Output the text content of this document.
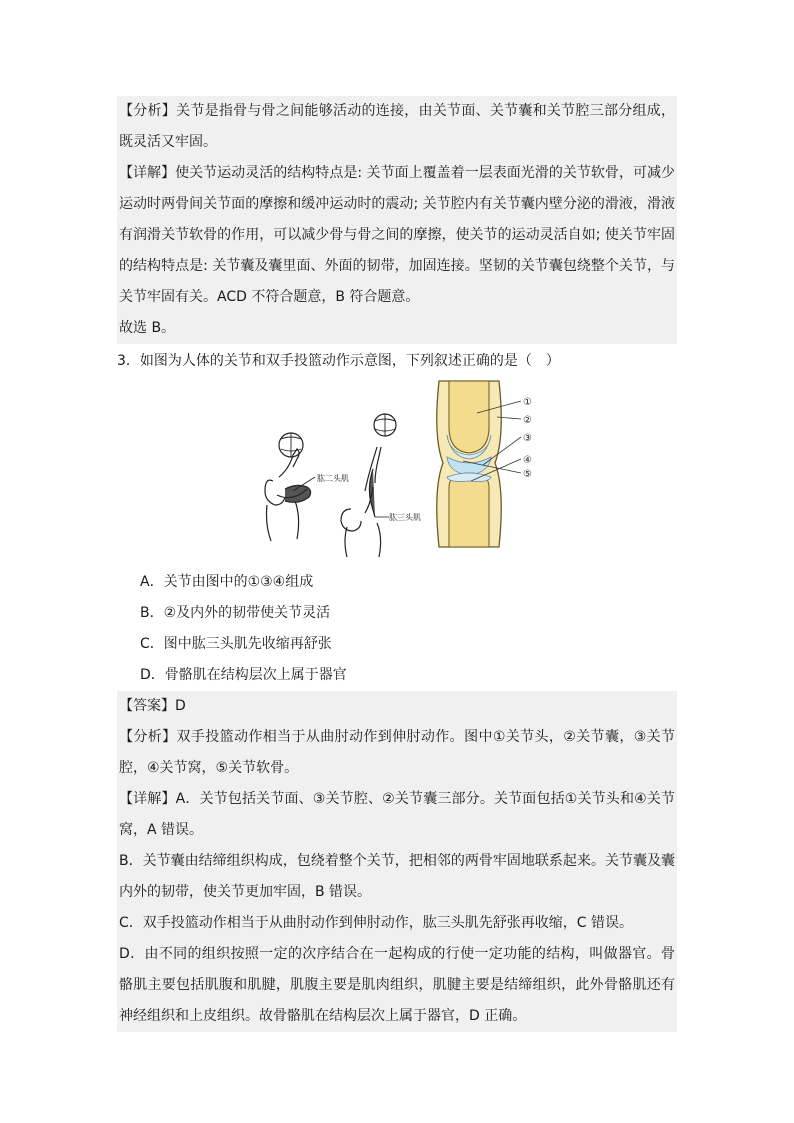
【分析】关节是指骨与骨之间能够活动的连接，由关节面、关节囊和关节腔三部分组成，既灵活又牢固。

【详解】使关节运动灵活的结构特点是: 关节面上覆盖着一层表面光滑的关节软骨，可减少运动时两骨间关节面的摩擦和缓冲运动时的震动; 关节腔内有关节囊内壁分泌的滑液，滑液有润滑关节软骨的作用，可以减少骨与骨之间的摩擦，使关节的运动灵活自如; 使关节牢固的结构特点是: 关节囊及囊里面、外面的韧带，加固连接。坚韧的关节囊包绕整个关节，与关节牢固有关。ACD 不符合题意，B 符合题意。

故选 B。

3．如图为人体的关节和双手投篮动作示意图，下列叙述正确的是（　）

肱二头肌
肱三头肌
①
②
③
④
⑤
A．关节由图中的①③④组成
B．②及内外的韧带使关节灵活
C．图中肱三头肌先收缩再舒张
D．骨骼肌在结构层次上属于器官

【答案】D

【分析】双手投篮动作相当于从曲肘动作到伸肘动作。图中①关节头，②关节囊，③关节腔，④关节窝，⑤关节软骨。

【详解】A．关节包括关节面、③关节腔、②关节囊三部分。关节面包括①关节头和④关节窝，A 错误。

B．关节囊由结缔组织构成，包绕着整个关节，把相邻的两骨牢固地联系起来。关节囊及囊内外的韧带，使关节更加牢固，B 错误。

C．双手投篮动作相当于从曲肘动作到伸肘动作，肱三头肌先舒张再收缩，C 错误。

D．由不同的组织按照一定的次序结合在一起构成的行使一定功能的结构，叫做器官。骨骼肌主要包括肌腹和肌腱，肌腹主要是肌肉组织，肌腱主要是结缔组织，此外骨骼肌还有神经组织和上皮组织。故骨骼肌在结构层次上属于器官，D 正确。
